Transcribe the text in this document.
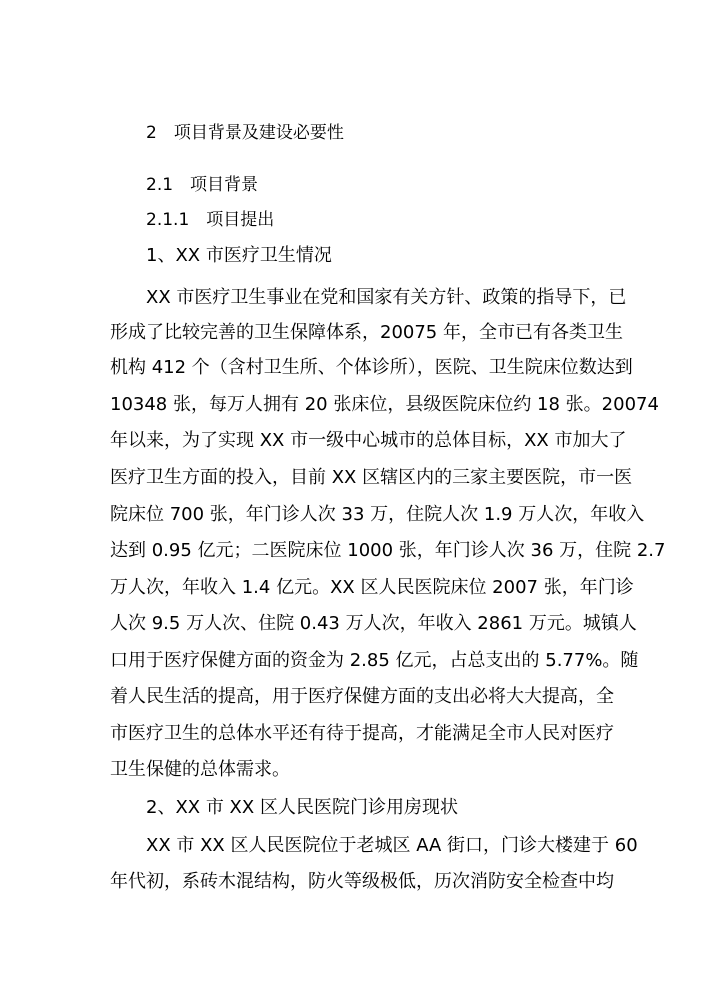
2　项目背景及建设必要性
2.1　项目背景
2.1.1　项目提出
1、XX 市医疗卫生情况
XX 市医疗卫生事业在党和国家有关方针、政策的指导下，已
形成了比较完善的卫生保障体系，20075 年，全市已有各类卫生
机构 412 个（含村卫生所、个体诊所），医院、卫生院床位数达到
10348 张，每万人拥有 20 张床位，县级医院床位约 18 张。20074
年以来，为了实现 XX 市一级中心城市的总体目标，XX 市加大了
医疗卫生方面的投入，目前 XX 区辖区内的三家主要医院，市一医
院床位 700 张，年门诊人次 33 万，住院人次 1.9 万人次，年收入
达到 0.95 亿元；二医院床位 1000 张，年门诊人次 36 万，住院 2.7
万人次，年收入 1.4 亿元。XX 区人民医院床位 2007 张，年门诊
人次 9.5 万人次、住院 0.43 万人次，年收入 2861 万元。城镇人
口用于医疗保健方面的资金为 2.85 亿元，占总支出的 5.77%。随
着人民生活的提高，用于医疗保健方面的支出必将大大提高，全
市医疗卫生的总体水平还有待于提高，才能满足全市人民对医疗
卫生保健的总体需求。
2、XX 市 XX 区人民医院门诊用房现状
XX 市 XX 区人民医院位于老城区 AA 街口，门诊大楼建于 60
年代初，系砖木混结构，防火等级极低，历次消防安全检查中均
